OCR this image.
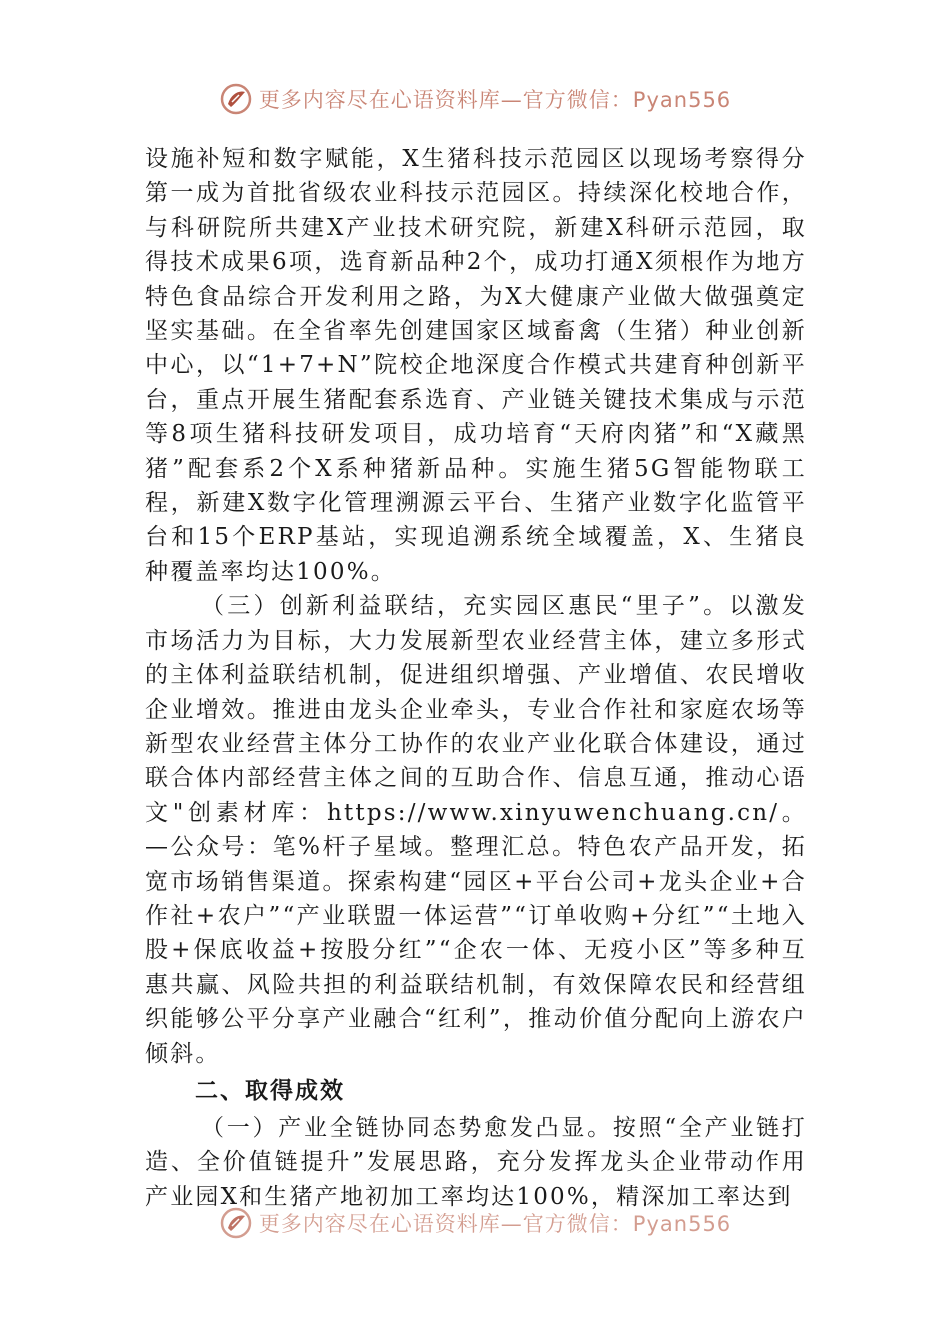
更多内容尽在心语资料库—官方微信：Pyan556

设施补短和数字赋能，X生猪科技示范园区以现场考察得分第一成为首批省级农业科技示范园区。持续深化校地合作，与科研院所共建X产业技术研究院，新建X科研示范园，取得技术成果6项，选育新品种2个，成功打通X须根作为地方特色食品综合开发利用之路，为X大健康产业做大做强奠定坚实基础。在全省率先创建国家区域畜禽（生猪）种业创新中心，以“1+7+N”院校企地深度合作模式共建育种创新平台，重点开展生猪配套系选育、产业链关键技术集成与示范等8项生猪科技研发项目，成功培育“天府肉猪”和“X藏黑猪”配套系2个X系种猪新品种。实施生猪5G智能物联工程，新建X数字化管理溯源云平台、生猪产业数字化监管平台和15个ERP基站，实现追溯系统全域覆盖，X、生猪良种覆盖率均达100%。

（三）创新利益联结，充实园区惠民“里子”。以激发市场活力为目标，大力发展新型农业经营主体，建立多形式的主体利益联结机制，促进组织增强、产业增值、农民增收企业增效。推进由龙头企业牵头，专业合作社和家庭农场等新型农业经营主体分工协作的农业产业化联合体建设，通过联合体内部经营主体之间的互助合作、信息互通，推动心语文"创素材库：https://www.xinyuwenchuang.cn/。—公众号：笔%杆子星域。整理汇总。特色农产品开发，拓宽市场销售渠道。探索构建“园区+平台公司+龙头企业+合作社+农户”“产业联盟一体运营”“订单收购+分红”“土地入股+保底收益+按股分红”“企农一体、无疫小区”等多种互惠共赢、风险共担的利益联结机制，有效保障农民和经营组织能够公平分享产业融合“红利”，推动价值分配向上游农户倾斜。

二、取得成效

（一）产业全链协同态势愈发凸显。按照“全产业链打造、全价值链提升”发展思路，充分发挥龙头企业带动作用产业园X和生猪产地初加工率均达100%，精深加工率达到

更多内容尽在心语资料库—官方微信：Pyan556
